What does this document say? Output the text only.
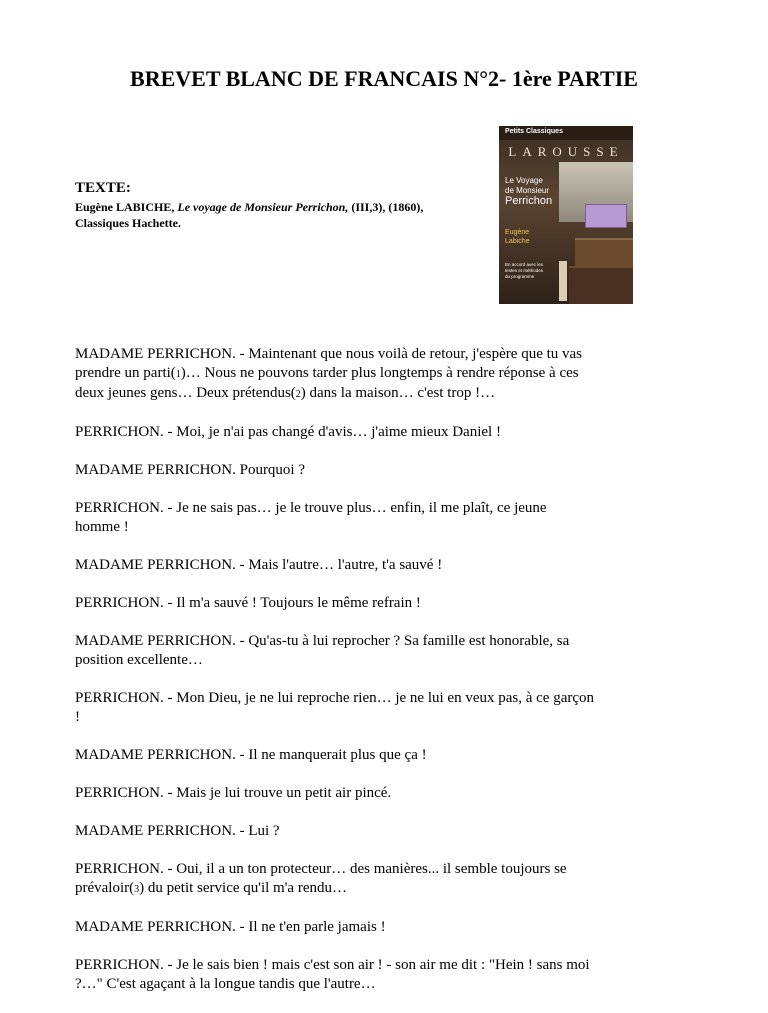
BREVET BLANC DE FRANCAIS N°2- 1ère PARTIE
TEXTE:
Eugène LABICHE, Le voyage de Monsieur Perrichon, (III,3), (1860), Classiques Hachette.
Petits Classiques
LAROUSSE
Le Voyage
de Monsieur
Perrichon
Eugène
Labiche
En accord avec les textes et méthodes du programme

MADAME PERRICHON. - Maintenant que nous voilà de retour, j'espère que tu vas prendre un parti(1)… Nous ne pouvons tarder plus longtemps à rendre réponse à ces deux jeunes gens… Deux prétendus(2) dans la maison… c'est trop !…

PERRICHON. - Moi, je n'ai pas changé d'avis… j'aime mieux Daniel !

MADAME PERRICHON. Pourquoi ?

PERRICHON. - Je ne sais pas… je le trouve plus… enfin, il me plaît, ce jeune homme !

MADAME PERRICHON. - Mais l'autre… l'autre, t'a sauvé !

PERRICHON. - Il m'a sauvé ! Toujours le même refrain !

MADAME PERRICHON. - Qu'as-tu à lui reprocher ? Sa famille est honorable, sa position excellente…

PERRICHON. - Mon Dieu, je ne lui reproche rien… je ne lui en veux pas, à ce garçon !

MADAME PERRICHON. - Il ne manquerait plus que ça !

PERRICHON. - Mais je lui trouve un petit air pincé.

MADAME PERRICHON. - Lui ?

PERRICHON. - Oui, il a un ton protecteur… des manières... il semble toujours se prévaloir(3) du petit service qu'il m'a rendu…

MADAME PERRICHON. - Il ne t'en parle jamais !

PERRICHON. - Je le sais bien ! mais c'est son air ! - son air me dit : "Hein ! sans moi ?…" C'est agaçant à la longue tandis que l'autre…
